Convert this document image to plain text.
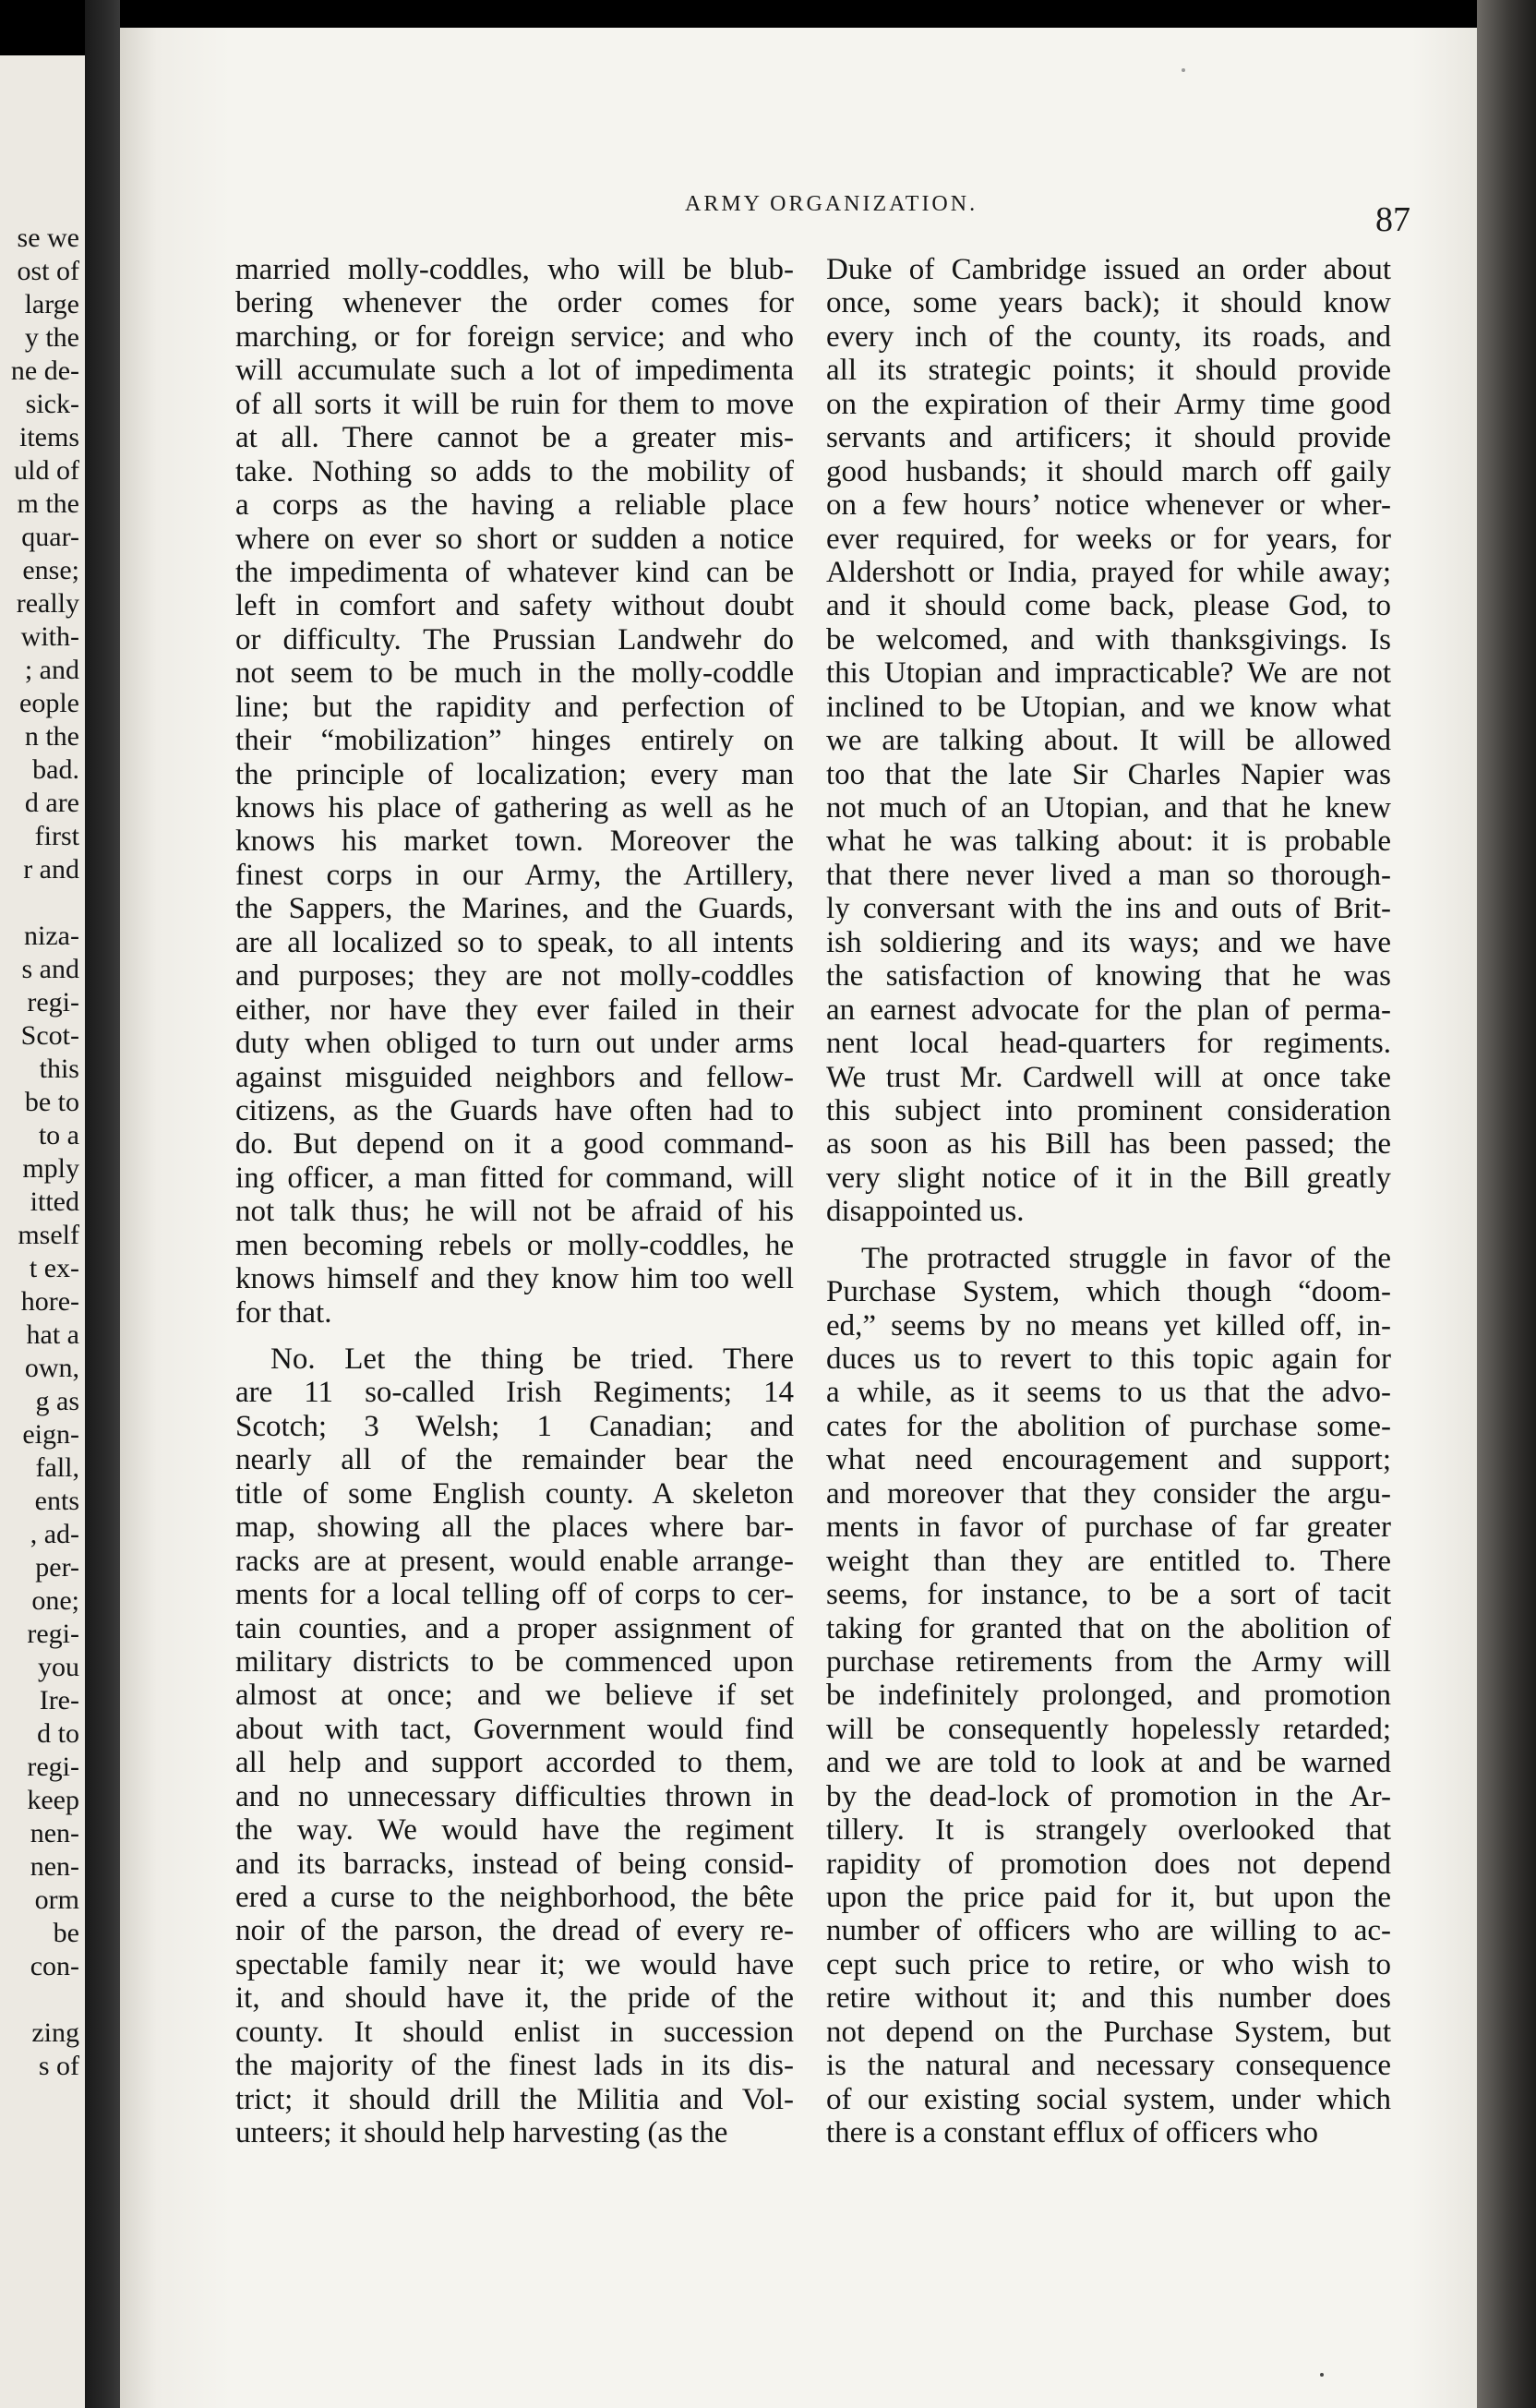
se we
ost of
large
y the
ne de-
sick-
items
uld of
m the
quar-
ense;
really
with-
; and
eople
n the
bad.
d are
first
r and
niza-
s and
regi-
Scot-
this
be to
to a
mply
itted
mself
t ex-
hore-
hat a
own,
g as
eign-
fall,
ents
, ad-
per-
one;
regi-
you
Ire-
d to
regi-
keep
nen-
nen-
orm
be
con-
zing
s of
ARMY ORGANIZATION.	87
married molly-coddles, who will be blub-
bering whenever the order comes for
marching, or for foreign service; and who
will accumulate such a lot of impedimenta
of all sorts it will be ruin for them to move
at all. There cannot be a greater mis-
take. Nothing so adds to the mobility of
a corps as the having a reliable place
where on ever so short or sudden a notice
the impedimenta of whatever kind can be
left in comfort and safety without doubt
or difficulty. The Prussian Landwehr do
not seem to be much in the molly-coddle
line; but the rapidity and perfection of
their “mobilization” hinges entirely on
the principle of localization; every man
knows his place of gathering as well as he
knows his market town. Moreover the
finest corps in our Army, the Artillery,
the Sappers, the Marines, and the Guards,
are all localized so to speak, to all intents
and purposes; they are not molly-coddles
either, nor have they ever failed in their
duty when obliged to turn out under arms
against misguided neighbors and fellow-
citizens, as the Guards have often had to
do. But depend on it a good command-
ing officer, a man fitted for command, will
not talk thus; he will not be afraid of his
men becoming rebels or molly-coddles, he
knows himself and they know him too well
for that.
No. Let the thing be tried. There
are 11 so-called Irish Regiments; 14
Scotch; 3 Welsh; 1 Canadian; and
nearly all of the remainder bear the
title of some English county. A skeleton
map, showing all the places where bar-
racks are at present, would enable arrange-
ments for a local telling off of corps to cer-
tain counties, and a proper assignment of
military districts to be commenced upon
almost at once; and we believe if set
about with tact, Government would find
all help and support accorded to them,
and no unnecessary difficulties thrown in
the way. We would have the regiment
and its barracks, instead of being consid-
ered a curse to the neighborhood, the bête
noir of the parson, the dread of every re-
spectable family near it; we would have
it, and should have it, the pride of the
county. It should enlist in succession
the majority of the finest lads in its dis-
trict; it should drill the Militia and Vol-
unteers; it should help harvesting (as the
Duke of Cambridge issued an order about
once, some years back); it should know
every inch of the county, its roads, and
all its strategic points; it should provide
on the expiration of their Army time good
servants and artificers; it should provide
good husbands; it should march off gaily
on a few hours’ notice whenever or wher-
ever required, for weeks or for years, for
Aldershott or India, prayed for while away;
and it should come back, please God, to
be welcomed, and with thanksgivings. Is
this Utopian and impracticable? We are not
inclined to be Utopian, and we know what
we are talking about. It will be allowed
too that the late Sir Charles Napier was
not much of an Utopian, and that he knew
what he was talking about: it is probable
that there never lived a man so thorough-
ly conversant with the ins and outs of Brit-
ish soldiering and its ways; and we have
the satisfaction of knowing that he was
an earnest advocate for the plan of perma-
nent local head-quarters for regiments.
We trust Mr. Cardwell will at once take
this subject into prominent consideration
as soon as his Bill has been passed; the
very slight notice of it in the Bill greatly
disappointed us.
The protracted struggle in favor of the
Purchase System, which though “doom-
ed,” seems by no means yet killed off, in-
duces us to revert to this topic again for
a while, as it seems to us that the advo-
cates for the abolition of purchase some-
what need encouragement and support;
and moreover that they consider the argu-
ments in favor of purchase of far greater
weight than they are entitled to. There
seems, for instance, to be a sort of tacit
taking for granted that on the abolition of
purchase retirements from the Army will
be indefinitely prolonged, and promotion
will be consequently hopelessly retarded;
and we are told to look at and be warned
by the dead-lock of promotion in the Ar-
tillery. It is strangely overlooked that
rapidity of promotion does not depend
upon the price paid for it, but upon the
number of officers who are willing to ac-
cept such price to retire, or who wish to
retire without it; and this number does
not depend on the Purchase System, but
is the natural and necessary consequence
of our existing social system, under which
there is a constant efflux of officers who
